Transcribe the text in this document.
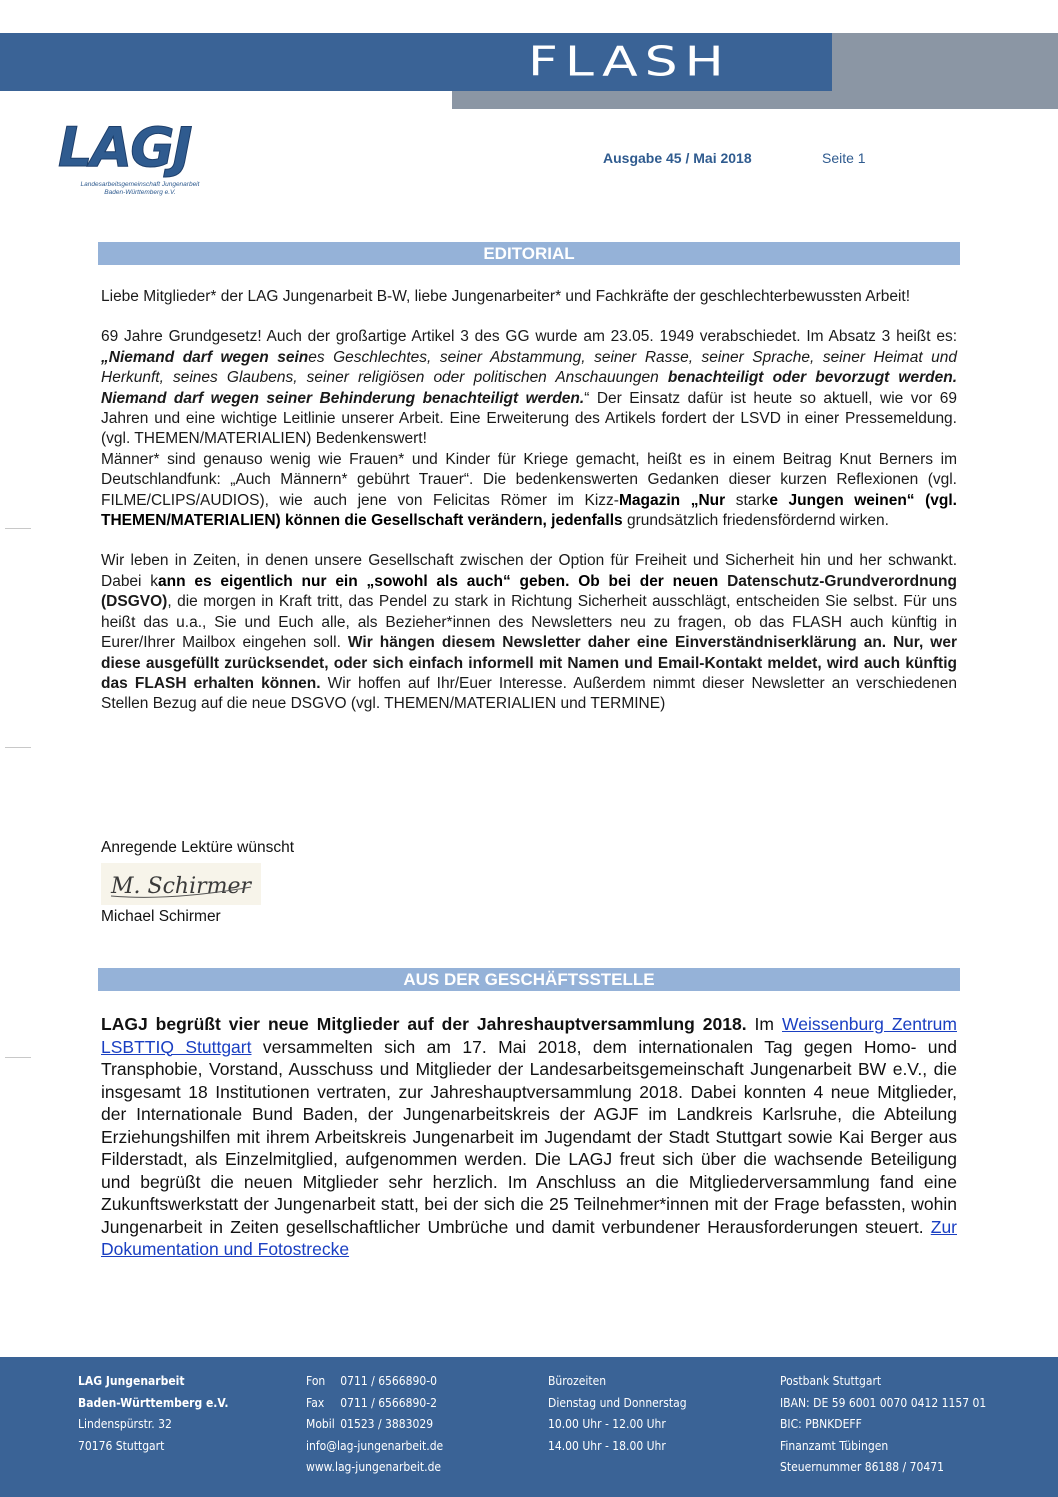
FLASH
LAGJ
Landesarbeitsgemeinschaft Jungenarbeit
Baden-Württemberg e.V.
Ausgabe 45 / Mai 2018	Seite 1
EDITORIAL

Liebe Mitglieder* der LAG Jungenarbeit B-W, liebe Jungenarbeiter* und Fachkräfte der geschlechterbewussten Arbeit!

69 Jahre Grundgesetz! Auch der großartige Artikel 3 des GG wurde am 23.05. 1949 verabschiedet. Im Absatz 3 heißt es: „Niemand darf wegen seines Geschlechtes, seiner Abstammung, seiner Rasse, seiner Sprache, seiner Heimat und Herkunft, seines Glaubens, seiner religiösen oder politischen Anschauungen benachteiligt oder bevorzugt werden. Niemand darf wegen seiner Behinderung benachteiligt werden.“ Der Einsatz dafür ist heute so aktuell, wie vor 69 Jahren und eine wichtige Leitlinie unserer Arbeit. Eine Erweiterung des Artikels fordert der LSVD in einer Pressemeldung. (vgl. THEMEN/MATERIALIEN) Bedenkenswert!

Männer* sind genauso wenig wie Frauen* und Kinder für Kriege gemacht, heißt es in einem Beitrag Knut Berners im Deutschlandfunk: „Auch Männern* gebührt Trauer“. Die bedenkenswerten Gedanken dieser kurzen Reflexionen (vgl. FILME/CLIPS/AUDIOS), wie auch jene von Felicitas Römer im Kizz-Magazin „Nur starke Jungen weinen“ (vgl. THEMEN/MATERIALIEN) können die Gesellschaft verändern, jedenfalls grundsätzlich friedensfördernd wirken.

Wir leben in Zeiten, in denen unsere Gesellschaft zwischen der Option für Freiheit und Sicherheit hin und her schwankt. Dabei kann es eigentlich nur ein „sowohl als auch“ geben. Ob bei der neuen Datenschutz-Grundverordnung (DSGVO), die morgen in Kraft tritt, das Pendel zu stark in Richtung Sicherheit ausschlägt, entscheiden Sie selbst. Für uns heißt das u.a., Sie und Euch alle, als Bezieher*innen des Newsletters neu zu fragen, ob das FLASH auch künftig in Eurer/Ihrer Mailbox eingehen soll. Wir hängen diesem Newsletter daher eine Einverständniserklärung an. Nur, wer diese ausgefüllt zurücksendet, oder sich einfach informell mit Namen und Email-Kontakt meldet, wird auch künftig das FLASH erhalten können. Wir hoffen auf Ihr/Euer Interesse. Außerdem nimmt dieser Newsletter an verschiedenen Stellen Bezug auf die neue DSGVO (vgl. THEMEN/MATERIALIEN und TERMINE)

Anregende Lektüre wünscht
M. Schirmer
Michael Schirmer
AUS DER GESCHÄFTSSTELLE
LAGJ begrüßt vier neue Mitglieder auf der Jahreshauptversammlung 2018. Im Weissenburg Zentrum LSBTTIQ Stuttgart versammelten sich am 17. Mai 2018, dem internationalen Tag gegen Homo- und Transphobie, Vorstand, Ausschuss und Mitglieder der Landesarbeitsgemeinschaft Jungenarbeit BW e.V., die insgesamt 18 Institutionen vertraten, zur Jahreshauptversammlung 2018. Dabei konnten 4 neue Mitglieder, der Internationale Bund Baden, der Jungenarbeitskreis der AGJF im Landkreis Karlsruhe, die Abteilung Erziehungshilfen mit ihrem Arbeitskreis Jungenarbeit im Jugendamt der Stadt Stuttgart sowie Kai Berger aus Filderstadt, als Einzelmitglied, aufgenommen werden. Die LAGJ freut sich über die wachsende Beteiligung und begrüßt die neuen Mitglieder sehr herzlich. Im Anschluss an die Mitgliederversammlung fand eine Zukunftswerkstatt der Jungenarbeit statt, bei der sich die 25 Teilnehmer*innen mit der Frage befassten, wohin Jungenarbeit in Zeiten gesellschaftlicher Umbrüche und damit verbundener Herausforderungen steuert. Zur Dokumentation und Fotostrecke
LAG Jungenarbeit
Baden-Württemberg e.V.
Lindenspürstr. 32
70176 Stuttgart
Fon 0711 / 6566890-0
Fax 0711 / 6566890-2
Mobil 01523 / 3883029
info@lag-jungenarbeit.de
www.lag-jungenarbeit.de
Bürozeiten
Dienstag und Donnerstag
10.00 Uhr - 12.00 Uhr
14.00 Uhr - 18.00 Uhr
Postbank Stuttgart
IBAN: DE 59 6001 0070 0412 1157 01
BIC: PBNKDEFF
Finanzamt Tübingen
Steuernummer 86188 / 70471
